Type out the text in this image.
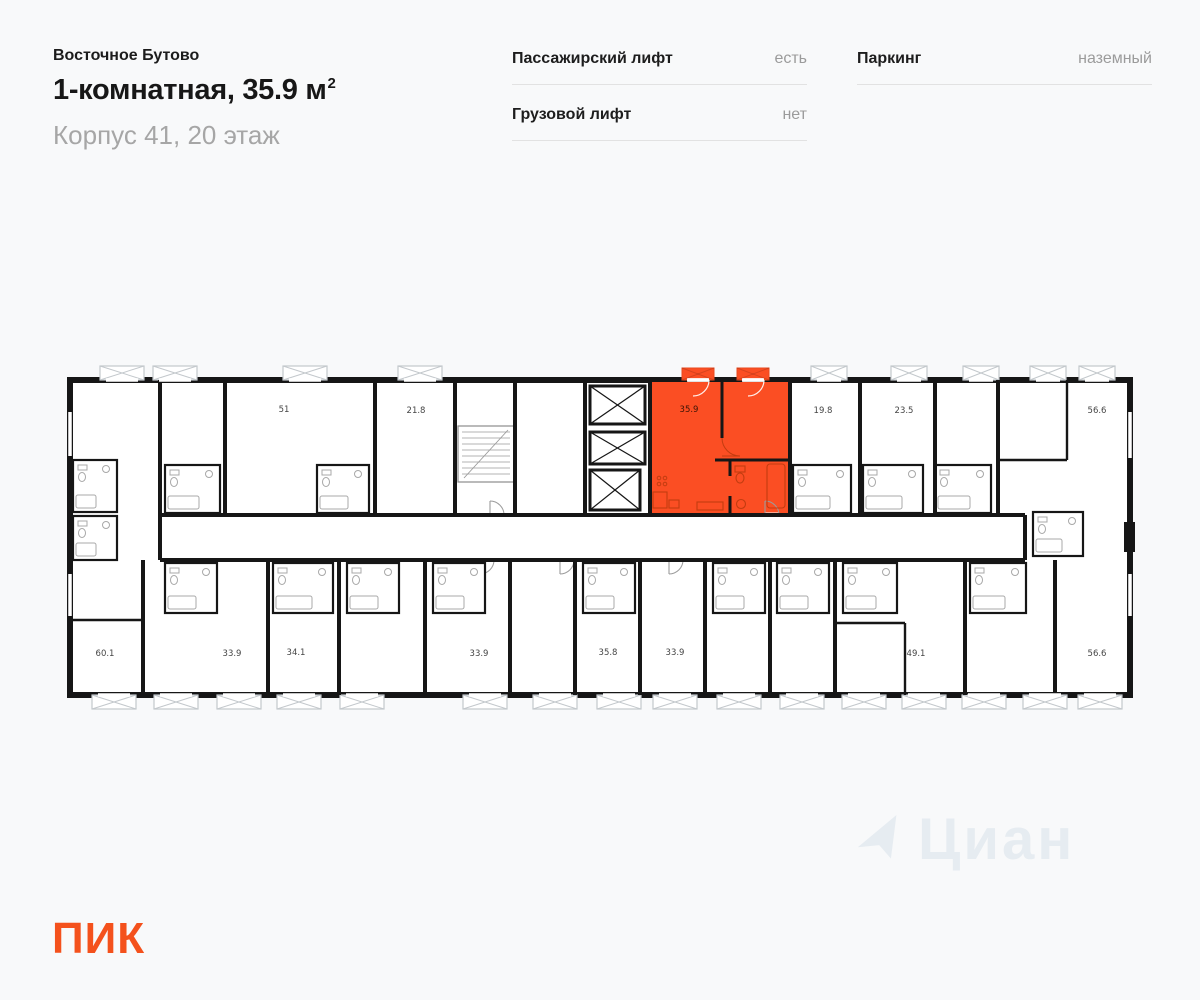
Восточное Бутово
1-комнатная, 35.9 $м^2$
Корпус 41, 20 этаж
Пассажирский лифт	есть
Грузовой лифт	нет
Паркинг	наземный
51	21.8	35.9	19.8	23.5	56.6
60.1	33.9	34.1	33.9	35.8	33.9	49.1	56.6
ПИК
Циан
